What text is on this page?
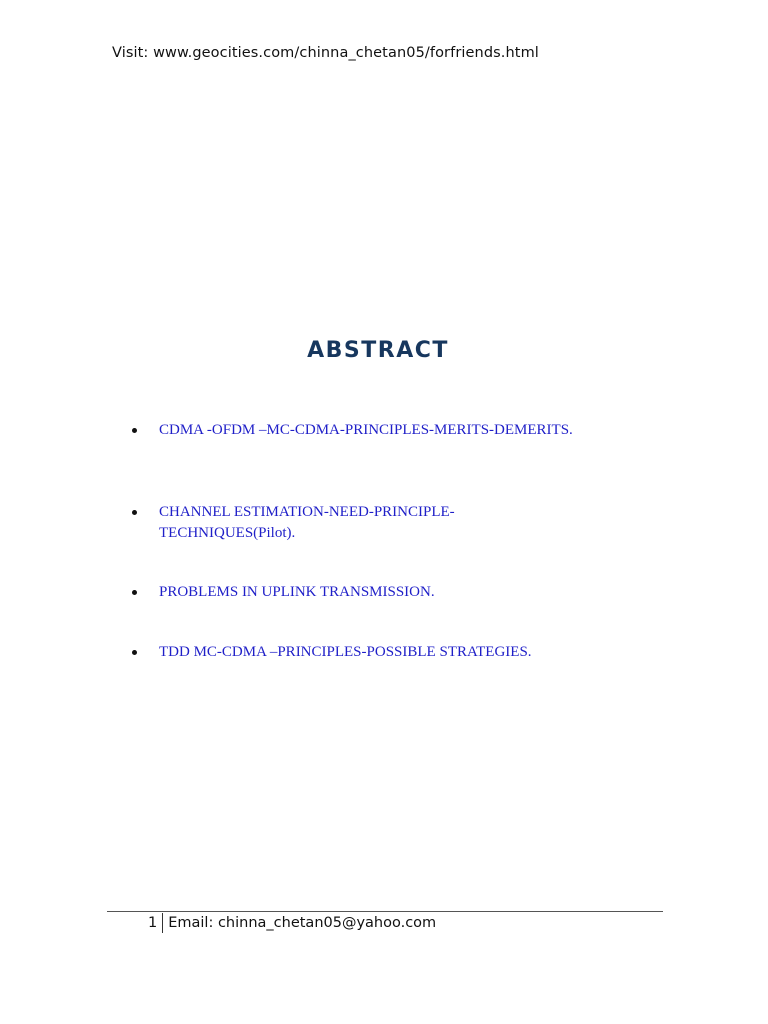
Visit: www.geocities.com/chinna_chetan05/forfriends.html
ABSTRACT
CDMA -OFDM –MC-CDMA-PRINCIPLES-MERITS-DEMERITS.
CHANNEL ESTIMATION-NEED-PRINCIPLE-
TECHNIQUES(Pilot).
PROBLEMS IN UPLINK TRANSMISSION.
TDD MC-CDMA –PRINCIPLES-POSSIBLE STRATEGIES.
1 Email: chinna_chetan05@yahoo.com
